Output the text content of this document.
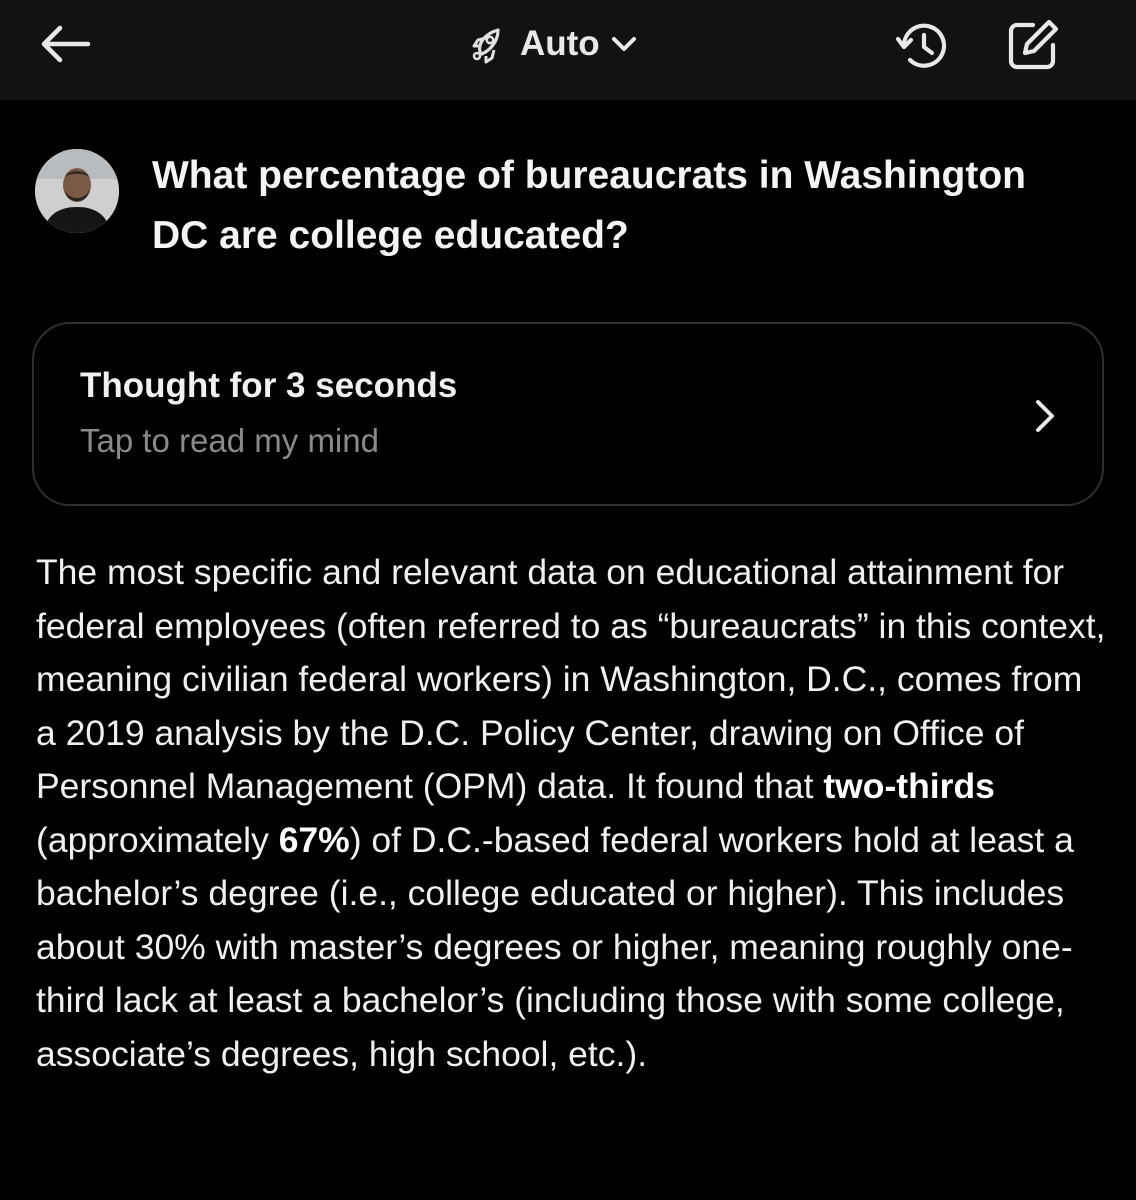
Auto

What percentage of bureaucrats in Washington DC are college educated?

Thought for 3 seconds
Tap to read my mind

The most specific and relevant data on educational attainment for federal employees (often referred to as “bureaucrats” in this context, meaning civilian federal workers) in Washington, D.C., comes from a 2019 analysis by the D.C. Policy Center, drawing on Office of Personnel Management (OPM) data. It found that two-thirds (approximately 67%) of D.C.-based federal workers hold at least a bachelor’s degree (i.e., college educated or higher). This includes about 30% with master’s degrees or higher, meaning roughly one-third lack at least a bachelor’s (including those with some college, associate’s degrees, high school, etc.).
